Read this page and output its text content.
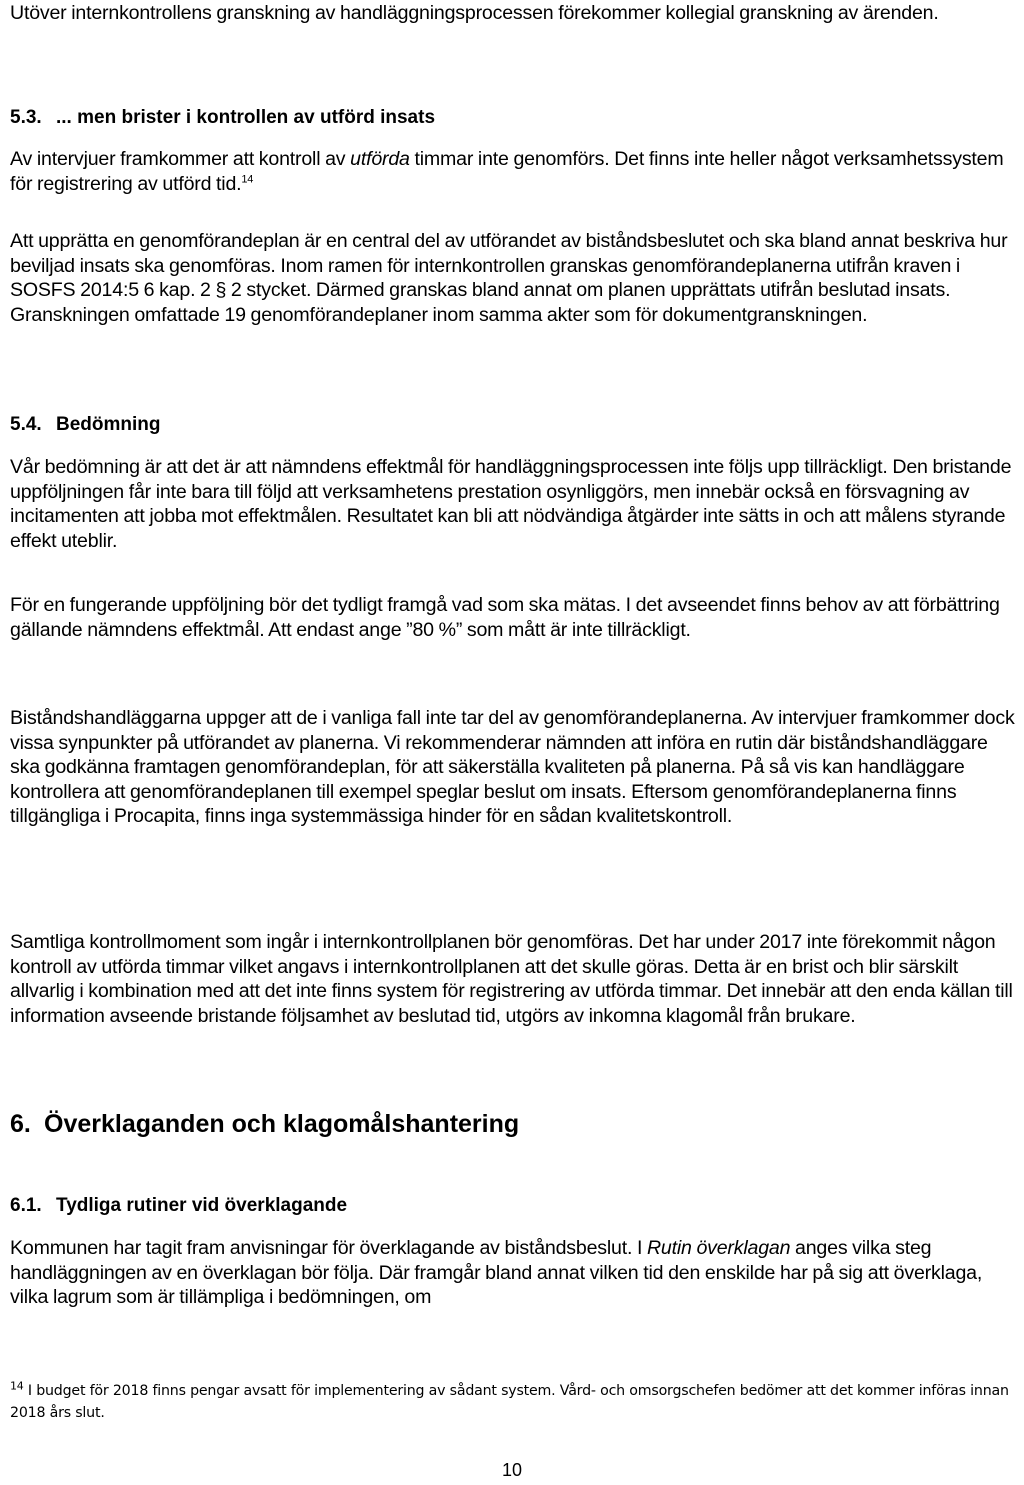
Utöver internkontrollens granskning av handläggningsprocessen förekommer kollegial granskning av ärenden.

5.3. ... men brister i kontrollen av utförd insats

Av intervjuer framkommer att kontroll av utförda timmar inte genomförs. Det finns inte heller något verksamhetssystem för registrering av utförd tid.$^{14}$

Att upprätta en genomförandeplan är en central del av utförandet av biståndsbeslutet och ska bland annat beskriva hur beviljad insats ska genomföras. Inom ramen för internkontrollen granskas genomförandeplanerna utifrån kraven i SOSFS 2014:5 6 kap. 2 § 2 stycket. Därmed granskas bland annat om planen upprättats utifrån beslutad insats. Granskningen omfattade 19 genomförandeplaner inom samma akter som för dokumentgranskningen.

5.4. Bedömning

Vår bedömning är att det är att nämndens effektmål för handläggningsprocessen inte följs upp tillräckligt. Den bristande uppföljningen får inte bara till följd att verksamhetens prestation osynliggörs, men innebär också en försvagning av incitamenten att jobba mot effektmålen. Resultatet kan bli att nödvändiga åtgärder inte sätts in och att målens styrande effekt uteblir.

För en fungerande uppföljning bör det tydligt framgå vad som ska mätas. I det avseendet finns behov av att förbättring gällande nämndens effektmål. Att endast ange ”80 %” som mått är inte tillräckligt.

Biståndshandläggarna uppger att de i vanliga fall inte tar del av genomförandeplanerna. Av intervjuer framkommer dock vissa synpunkter på utförandet av planerna. Vi rekommenderar nämnden att införa en rutin där biståndshandläggare ska godkänna framtagen genomförandeplan, för att säkerställa kvaliteten på planerna. På så vis kan handläggare kontrollera att genomförandeplanen till exempel speglar beslut om insats. Eftersom genomförandeplanerna finns tillgängliga i Procapita, finns inga systemmässiga hinder för en sådan kvalitetskontroll.

Samtliga kontrollmoment som ingår i internkontrollplanen bör genomföras. Det har under 2017 inte förekommit någon kontroll av utförda timmar vilket angavs i internkontrollplanen att det skulle göras. Detta är en brist och blir särskilt allvarlig i kombination med att det inte finns system för registrering av utförda timmar. Det innebär att den enda källan till information avseende bristande följsamhet av beslutad tid, utgörs av inkomna klagomål från brukare.

6. Överklaganden och klagomålshantering

6.1. Tydliga rutiner vid överklagande

Kommunen har tagit fram anvisningar för överklagande av biståndsbeslut. I Rutin överklagan anges vilka steg handläggningen av en överklagan bör följa. Där framgår bland annat vilken tid den enskilde har på sig att överklaga, vilka lagrum som är tillämpliga i bedömningen, om

$^{14}$ I budget för 2018 finns pengar avsatt för implementering av sådant system. Vård- och omsorgschefen bedömer att det kommer införas innan 2018 års slut.

10
